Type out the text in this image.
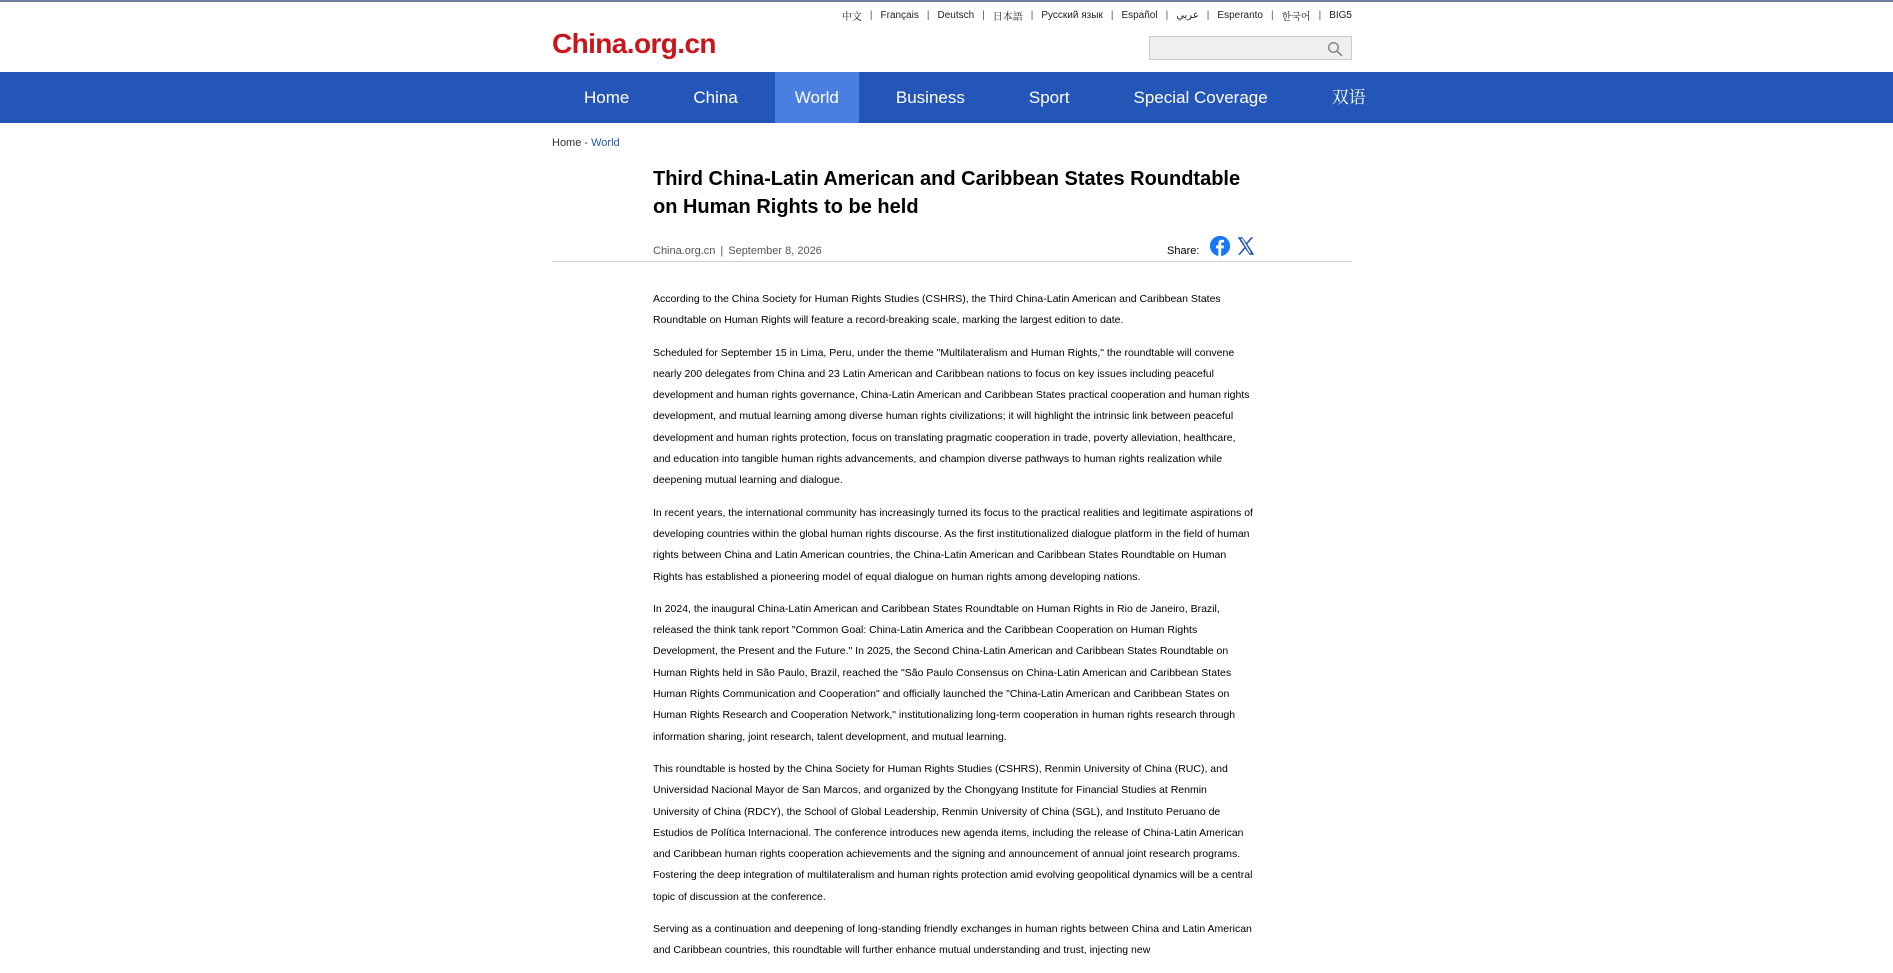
中文 | Français | Deutsch | 日本語 | Русский язык | Español | عربي | Esperanto | 한국어 | BIG5
China.org.cn
Home	China	World	Business	Sport	Special Coverage	双语
Home - World
Third China-Latin American and Caribbean States Roundtable on Human Rights to be held
China.org.cn | September 8, 2026	Share:

According to the China Society for Human Rights Studies (CSHRS), the Third China-Latin American and Caribbean States Roundtable on Human Rights will feature a record-breaking scale, marking the largest edition to date.

Scheduled for September 15 in Lima, Peru, under the theme "Multilateralism and Human Rights," the roundtable will convene nearly 200 delegates from China and 23 Latin American and Caribbean nations to focus on key issues including peaceful development and human rights governance, China-Latin American and Caribbean States practical cooperation and human rights development, and mutual learning among diverse human rights civilizations; it will highlight the intrinsic link between peaceful development and human rights protection, focus on translating pragmatic cooperation in trade, poverty alleviation, healthcare, and education into tangible human rights advancements, and champion diverse pathways to human rights realization while deepening mutual learning and dialogue.

In recent years, the international community has increasingly turned its focus to the practical realities and legitimate aspirations of developing countries within the global human rights discourse. As the first institutionalized dialogue platform in the field of human rights between China and Latin American countries, the China-Latin American and Caribbean States Roundtable on Human Rights has established a pioneering model of equal dialogue on human rights among developing nations.

In 2024, the inaugural China-Latin American and Caribbean States Roundtable on Human Rights in Rio de Janeiro, Brazil, released the think tank report "Common Goal: China-Latin America and the Caribbean Cooperation on Human Rights Development, the Present and the Future." In 2025, the Second China-Latin American and Caribbean States Roundtable on Human Rights held in São Paulo, Brazil, reached the "São Paulo Consensus on China-Latin American and Caribbean States Human Rights Communication and Cooperation" and officially launched the "China-Latin American and Caribbean States on Human Rights Research and Cooperation Network," institutionalizing long-term cooperation in human rights research through information sharing, joint research, talent development, and mutual learning.

This roundtable is hosted by the China Society for Human Rights Studies (CSHRS), Renmin University of China (RUC), and Universidad Nacional Mayor de San Marcos, and organized by the Chongyang Institute for Financial Studies at Renmin University of China (RDCY), the School of Global Leadership, Renmin University of China (SGL), and Instituto Peruano de Estudios de Política Internacional. The conference introduces new agenda items, including the release of China-Latin American and Caribbean human rights cooperation achievements and the signing and announcement of annual joint research programs. Fostering the deep integration of multilateralism and human rights protection amid evolving geopolitical dynamics will be a central topic of discussion at the conference.

Serving as a continuation and deepening of long-standing friendly exchanges in human rights between China and Latin American and Caribbean countries, this roundtable will further enhance mutual understanding and trust, injecting new
